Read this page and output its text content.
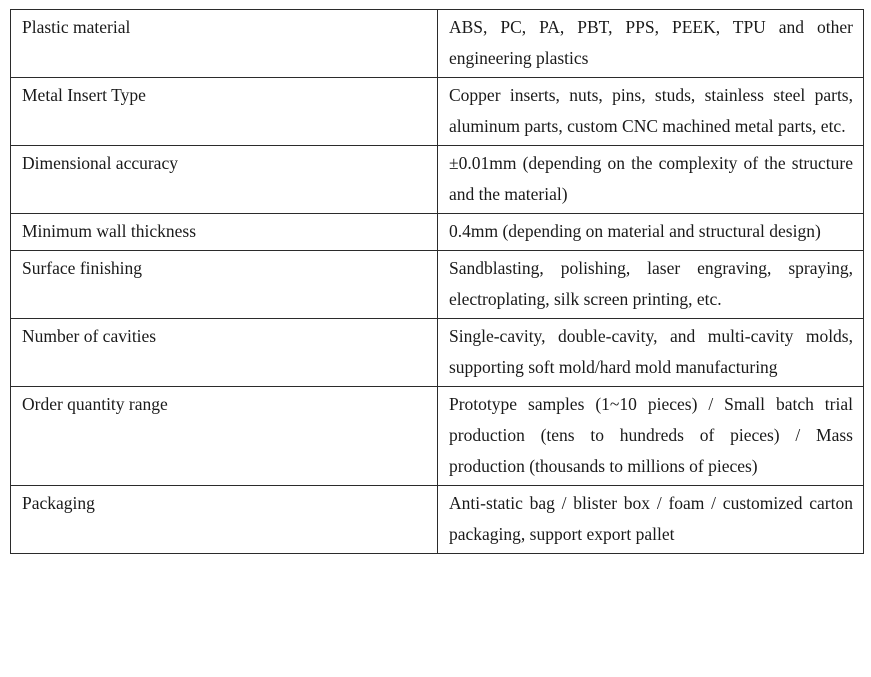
Plastic material	ABS, PC, PA, PBT, PPS, PEEK, TPU and other engineering plastics
Metal Insert Type	Copper inserts, nuts, pins, studs, stainless steel parts, aluminum parts, custom CNC machined metal parts, etc.
Dimensional accuracy	±0.01mm (depending on the complexity of the structure and the material)
Minimum wall thickness	0.4mm (depending on material and structural design)
Surface finishing	Sandblasting, polishing, laser engraving, spraying, electroplating, silk screen printing, etc.
Number of cavities	Single-cavity, double-cavity, and multi-cavity molds, supporting soft mold/hard mold manufacturing
Order quantity range	Prototype samples (1~10 pieces) / Small batch trial production (tens to hundreds of pieces) / Mass production (thousands to millions of pieces)
Packaging	Anti-static bag / blister box / foam / customized carton packaging, support export pallet
